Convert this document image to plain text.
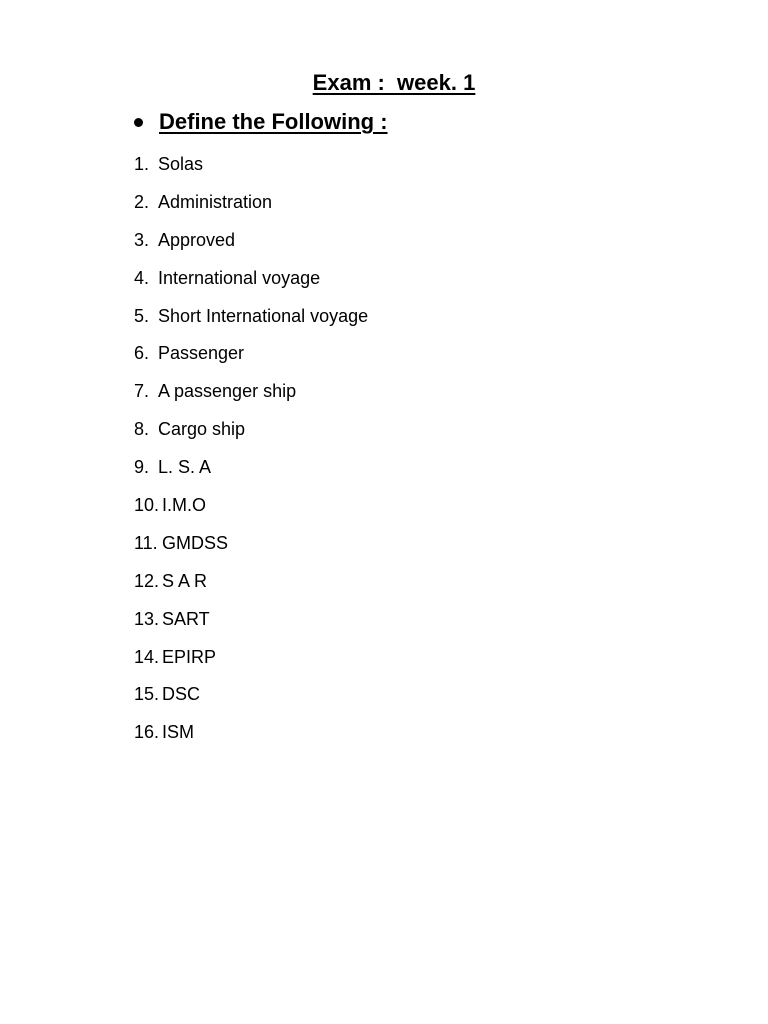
Exam :  week. 1
Define the Following :
1. Solas
2. Administration
3. Approved
4. International voyage
5. Short International voyage
6. Passenger
7. A passenger ship
8. Cargo ship
9. L. S. A
10. I.M.O
11. GMDSS
12. S A R
13. SART
14. EPIRP
15. DSC
16. ISM
